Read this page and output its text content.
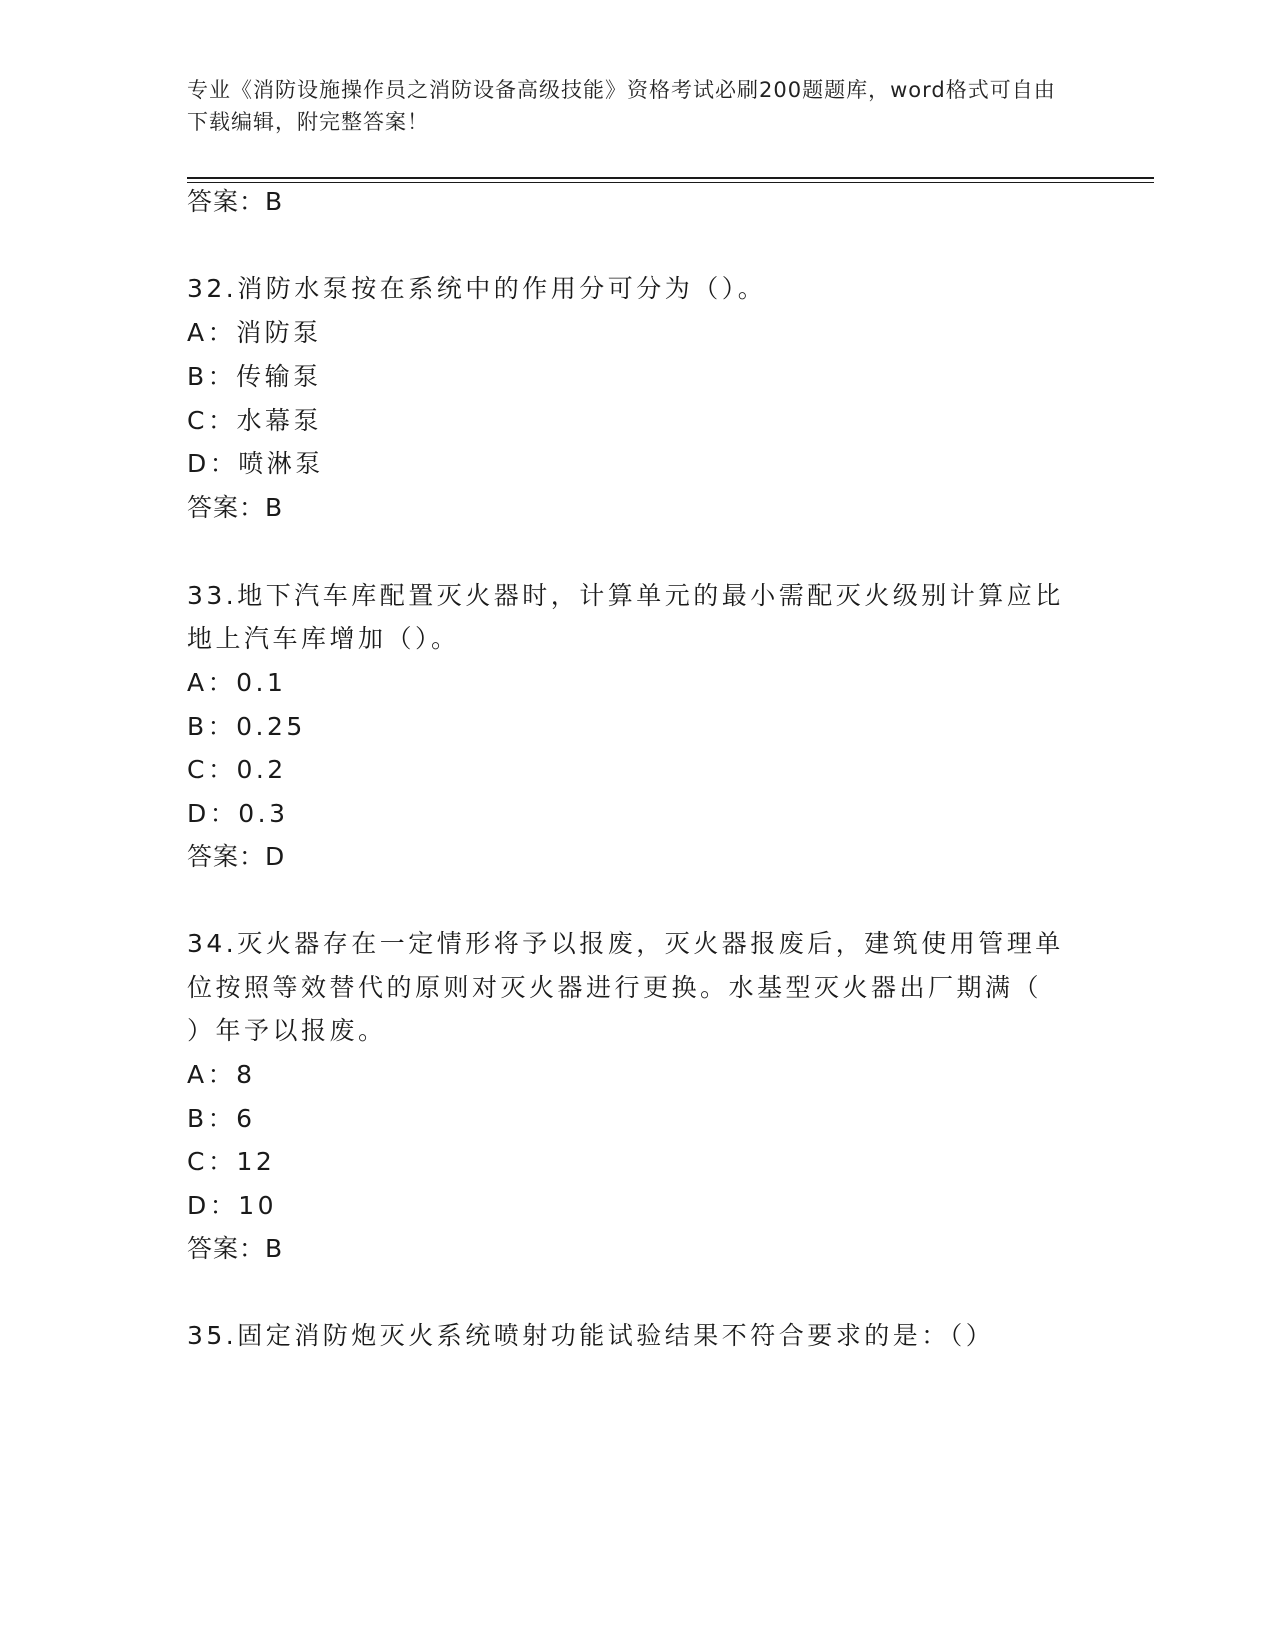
专业《消防设施操作员之消防设备高级技能》资格考试必刷200题题库，word格式可自由下载编辑，附完整答案！
答案：B
32.消防水泵按在系统中的作用分可分为（）。
A：消防泵
B：传输泵
C：水幕泵
D：喷淋泵
答案：B
33.地下汽车库配置灭火器时，计算单元的最小需配灭火级别计算应比
地上汽车库增加（）。
A：0.1
B：0.25
C：0.2
D：0.3
答案：D
34.灭火器存在一定情形将予以报废，灭火器报废后，建筑使用管理单
位按照等效替代的原则对灭火器进行更换。水基型灭火器出厂期满（
）年予以报废。
A：8
B：6
C：12
D：10
答案：B
35.固定消防炮灭火系统喷射功能试验结果不符合要求的是：（）
